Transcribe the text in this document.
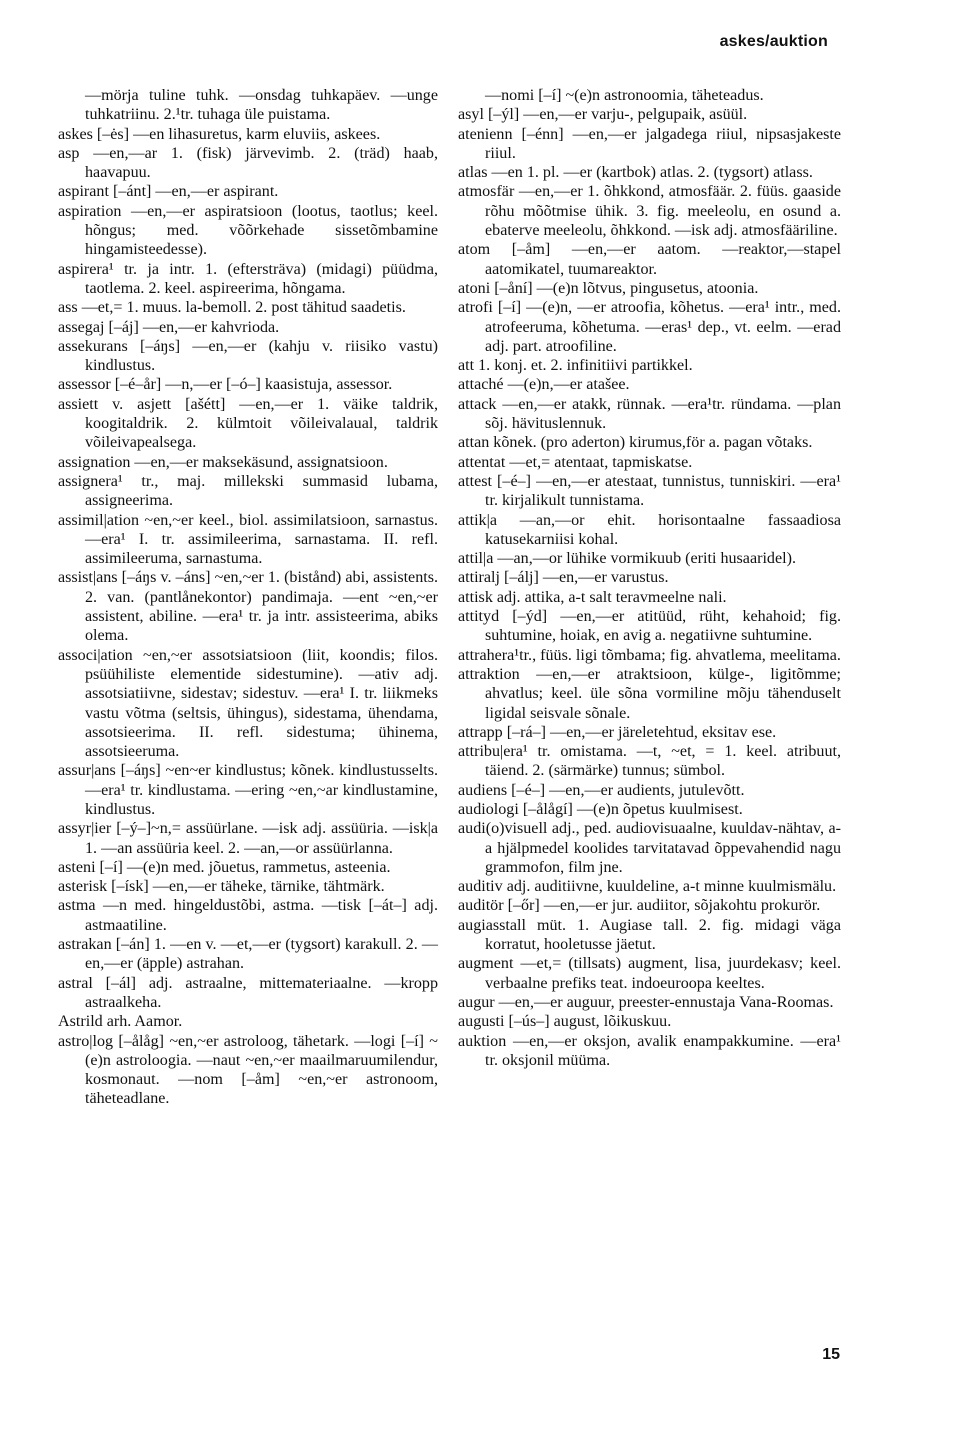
askes/auktion

—mörja tuline tuhk. —onsdag tuhkapäev. —unge tuhkatriinu. 2.¹tr. tuhaga üle puistama.

askes [–ės] —en lihasuretus, karm eluviis, askees.

asp —en,—ar 1. (fisk) järvevimb. 2. (träd) haab, haavapuu.

aspirant [–ánt] —en,—er aspirant.

aspiration —en,—er aspiratsioon (lootus, taotlus; keel. hõngus; med. võõrkehade sissetõmbamine hingamisteedesse).

aspirera¹ tr. ja intr. 1. (eftersträva) (midagi) püüdma, taotlema. 2. keel. aspireerima, hõngama.

ass —et,= 1. muus. la-bemoll. 2. post tähitud saadetis.

assegaj [–áj] —en,—er kahvrioda.

assekurans [–áŋs] —en,—er (kahju v. riisiko vastu) kindlustus.

assessor [–é–år] —n,—er [–ó–] kaasistuja, assessor.

assiett v. asjett [ašétt] —en,—er 1. väike taldrik, koogitaldrik. 2. külmtoit võileivalaual, taldrik võileivapealsega.

assignation —en,—er maksekäsund, assignatsioon.

assignera¹ tr., maj. millekski summasid lubama, assigneerima.

assimil|ation ~en,~er keel., biol. assimilatsioon, sarnastus. —era¹ I. tr. assimileerima, sarnastama. II. refl. assimileeruma, sarnastuma.

assist|ans [–áŋs v. –áns] ~en,~er 1. (bistånd) abi, assistents. 2. van. (pantlånekontor) pandimaja. —ent ~en,~er assistent, abiline. —era¹ tr. ja intr. assisteerima, abiks olema.

associ|ation ~en,~er assotsiatsioon (liit, koondis; filos. psüühiliste elementide sidestumine). —ativ adj. assotsiatiivne, sidestav; sidestuv. —era¹ I. tr. liikmeks vastu võtma (seltsis, ühingus), sidestama, ühendama, assotsieerima. II. refl. sidestuma; ühinema, assotsieeruma.

assur|ans [–áŋs] ~en~er kindlustus; kõnek. kindlustusselts. —era¹ tr. kindlustama. —ering ~en,~ar kindlustamine, kindlustus.

assyr|ier [–ý–]~n,= assüürlane. —isk adj. assüüria. —isk|a 1. —an assüüria keel. 2. —an,—or assüürlanna.

asteni [–í] —(e)n med. jõuetus, rammetus, asteenia.

asterisk [–ísk] —en,—er täheke, tärnike, tähtmärk.

astma —n med. hingeldustõbi, astma. —tisk [–át–] adj. astmaatiline.

astrakan [–án] 1. —en v. —et,—er (tygsort) karakull. 2. —en,—er (äpple) astrahan.

astral [–ál] adj. astraalne, mittemateriaalne. —kropp astraalkeha.

Astrild arh. Aamor.

astro|log [–ålåg] ~en,~er astroloog, tähetark. —logi [–í] ~(e)n astroloogia. —naut ~en,~er maailmaruumilendur, kosmonaut. —nom [–åm] ~en,~er astronoom, täheteadlane.

—nomi [–í] ~(e)n astronoomia, täheteadus.

asyl [–ýl] —en,—er varju-, pelgupaik, asüül.

atenienn [–énn] —en,—er jalgadega riiul, nipsasjakeste riiul.

atlas —en 1. pl. —er (kartbok) atlas. 2. (tygsort) atlass.

atmosfär —en,—er 1. õhkkond, atmosfäär. 2. füüs. gaaside rõhu mõõtmise ühik. 3. fig. meeleolu, en osund a. ebaterve meeleolu, õhkkond. —isk adj. atmosfääriline.

atom [–åm] —en,—er aatom. —reaktor,—stapel aatomikatel, tuumareaktor.

atoni [–åní] —(e)n lõtvus, pingusetus, atoonia.

atrofi [–í] —(e)n, —er atroofia, kõhetus. —era¹ intr., med. atrofeeruma, kõhetuma. —eras¹ dep., vt. eelm. —erad adj. part. atroofiline.

att 1. konj. et. 2. infinitiivi partikkel.

attaché —(e)n,—er atašee.

attack —en,—er atakk, rünnak. —era¹tr. ründama. —plan sõj. hävituslennuk.

attan kõnek. (pro aderton) kirumus,för a. pagan võtaks.

attentat —et,= atentaat, tapmiskatse.

attest [–é–] —en,—er atestaat, tunnistus, tunniskiri. —era¹ tr. kirjalikult tunnistama.

attik|a —an,—or ehit. horisontaalne fassaadiosa katusekarniisi kohal.

attil|a —an,—or lühike vormikuub (eriti husaaridel).

attiralj [–álj] —en,—er varustus.

attisk adj. attika, a-t salt teravmeelne nali.

attityd [–ýd] —en,—er atitüüd, rüht, kehahoid; fig. suhtumine, hoiak, en avig a. negatiivne suhtumine.

attrahera¹tr., füüs. ligi tõmbama; fig. ahvatlema, meelitama.

attraktion —en,—er atraktsioon, külge-, ligitõmme; ahvatlus; keel. üle sõna vormiline mõju tähenduselt ligidal seisvale sõnale.

attrapp [–rá–] —en,—er järeletehtud, eksitav ese.

attribu|era¹ tr. omistama. —t, ~et, = 1. keel. atribuut, täiend. 2. (särmärke) tunnus; sümbol.

audiens [–é–] —en,—er audients, jutulevõtt.

audiologi [–ålågí] —(e)n õpetus kuulmisest.

audi(o)visuell adj., ped. audiovisuaalne, kuuldav-nähtav, a-a hjälpmedel koolides tarvitatavad õppevahendid nagu grammofon, film jne.

auditiv adj. auditiivne, kuuldeline, a-t minne kuulmismälu.

auditör [–őr] —en,—er jur. audiitor, sõjakohtu prokurör.

augiasstall müt. 1. Augiase tall. 2. fig. midagi väga korratut, hooletusse jäetut.

augment —et,= (tillsats) augment, lisa, juurdekasv; keel. verbaalne prefiks teat. indoeuroopa keeltes.

augur —en,—er auguur, preester-ennustaja Vana-Roomas.

augusti [–ús–] august, lõikuskuu.

auktion —en,—er oksjon, avalik enampakkumine. —era¹ tr. oksjonil müüma.

15
